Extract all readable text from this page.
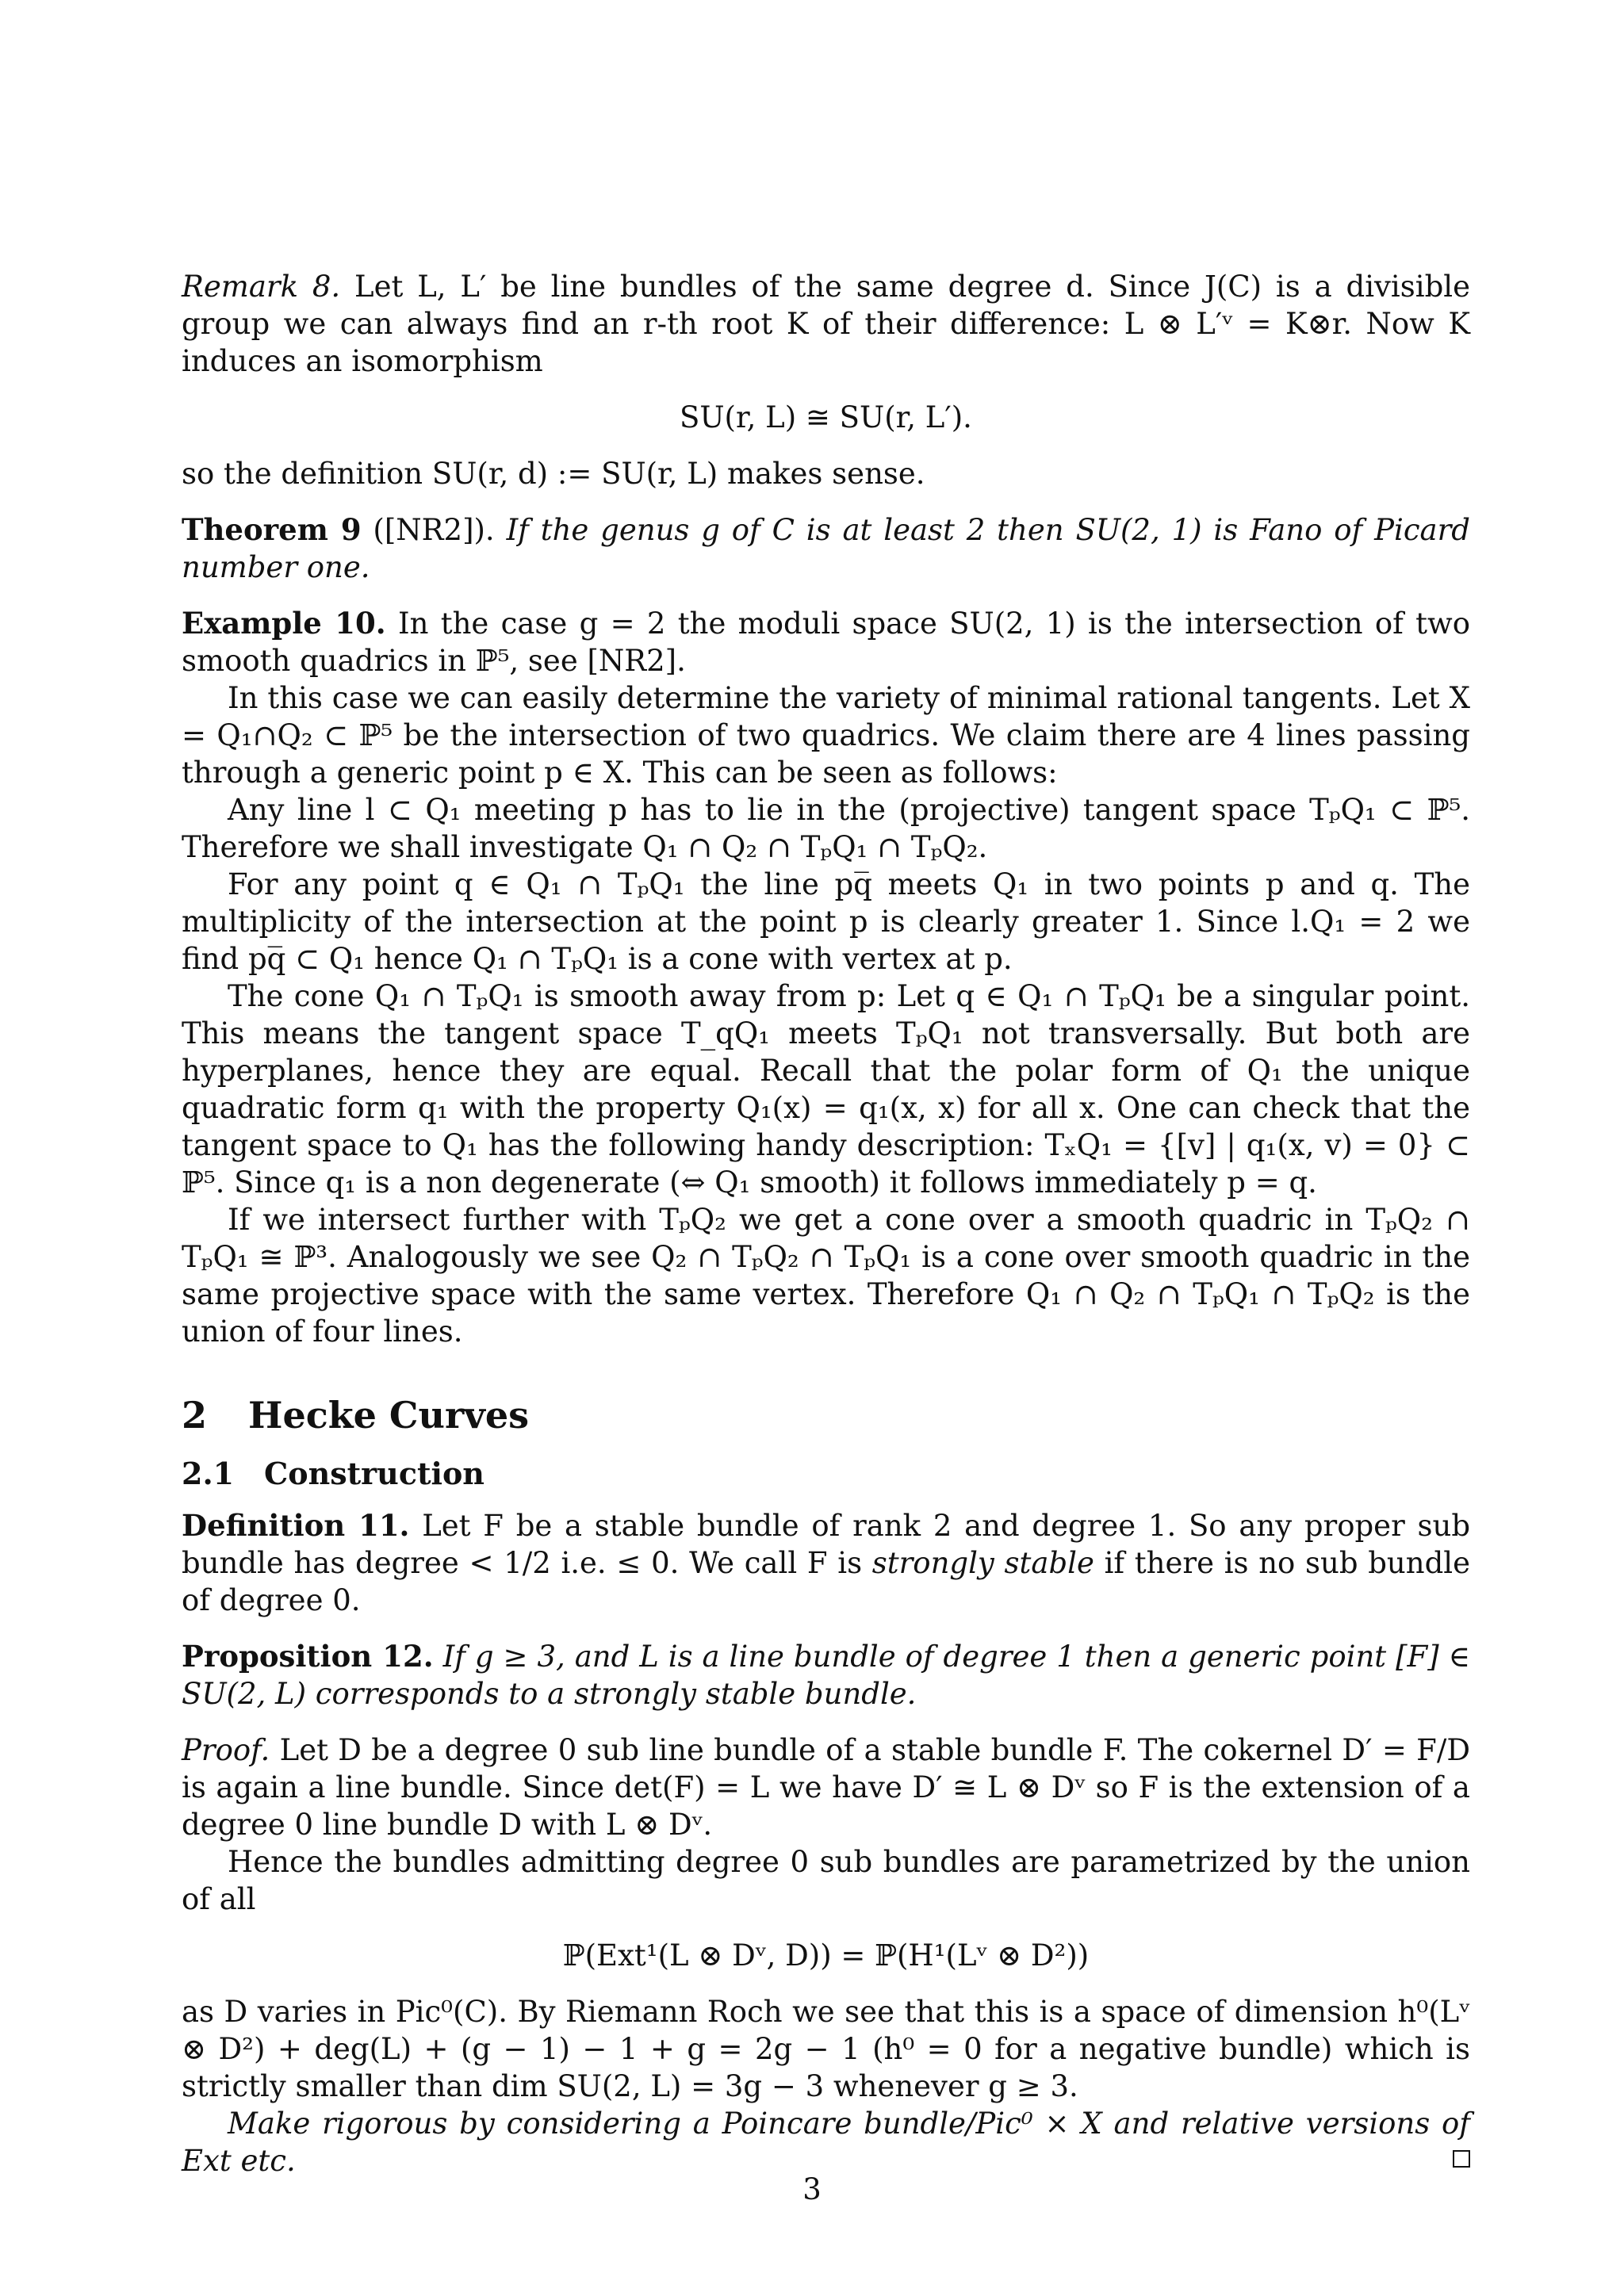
Remark 8. Let L, L′ be line bundles of the same degree d. Since J(C) is a divisible group we can always find an r-th root K of their difference: L ⊗ L′ᵛ = K⊗r. Now K induces an isomorphism

SU(r, L) ≅ SU(r, L′).

so the definition SU(r, d) := SU(r, L) makes sense.

Theorem 9 ([NR2]). If the genus g of C is at least 2 then SU(2, 1) is Fano of Picard number one.

Example 10. In the case g = 2 the moduli space SU(2, 1) is the intersection of two smooth quadrics in ℙ⁵, see [NR2].

In this case we can easily determine the variety of minimal rational tangents. Let X = Q₁∩Q₂ ⊂ ℙ⁵ be the intersection of two quadrics. We claim there are 4 lines passing through a generic point p ∈ X. This can be seen as follows:

Any line l ⊂ Q₁ meeting p has to lie in the (projective) tangent space TₚQ₁ ⊂ ℙ⁵. Therefore we shall investigate Q₁ ∩ Q₂ ∩ TₚQ₁ ∩ TₚQ₂.

For any point q ∈ Q₁ ∩ TₚQ₁ the line pq̅ meets Q₁ in two points p and q. The multiplicity of the intersection at the point p is clearly greater 1. Since l.Q₁ = 2 we find pq̅ ⊂ Q₁ hence Q₁ ∩ TₚQ₁ is a cone with vertex at p.

The cone Q₁ ∩ TₚQ₁ is smooth away from p: Let q ∈ Q₁ ∩ TₚQ₁ be a singular point. This means the tangent space T_qQ₁ meets TₚQ₁ not transversally. But both are hyperplanes, hence they are equal. Recall that the polar form of Q₁ the unique quadratic form q₁ with the property Q₁(x) = q₁(x, x) for all x. One can check that the tangent space to Q₁ has the following handy description: TₓQ₁ = {[v] | q₁(x, v) = 0} ⊂ ℙ⁵. Since q₁ is a non degenerate (⇔ Q₁ smooth) it follows immediately p = q.

If we intersect further with TₚQ₂ we get a cone over a smooth quadric in TₚQ₂ ∩ TₚQ₁ ≅ ℙ³. Analogously we see Q₂ ∩ TₚQ₂ ∩ TₚQ₁ is a cone over smooth quadric in the same projective space with the same vertex. Therefore Q₁ ∩ Q₂ ∩ TₚQ₁ ∩ TₚQ₂ is the union of four lines.

2 Hecke Curves
2.1 Construction

Definition 11. Let F be a stable bundle of rank 2 and degree 1. So any proper sub bundle has degree < 1/2 i.e. ≤ 0. We call F is strongly stable if there is no sub bundle of degree 0.

Proposition 12. If g ≥ 3, and L is a line bundle of degree 1 then a generic point [F] ∈ SU(2, L) corresponds to a strongly stable bundle.

Proof. Let D be a degree 0 sub line bundle of a stable bundle F. The cokernel D′ = F/D is again a line bundle. Since det(F) = L we have D′ ≅ L ⊗ Dᵛ so F is the extension of a degree 0 line bundle D with L ⊗ Dᵛ.

Hence the bundles admitting degree 0 sub bundles are parametrized by the union of all

ℙ(Ext¹(L ⊗ Dᵛ, D)) = ℙ(H¹(Lᵛ ⊗ D²))

as D varies in Pic⁰(C). By Riemann Roch we see that this is a space of dimension h⁰(Lᵛ ⊗ D²) + deg(L) + (g − 1) − 1 + g = 2g − 1 (h⁰ = 0 for a negative bundle) which is strictly smaller than dim SU(2, L) = 3g − 3 whenever g ≥ 3.

Make rigorous by considering a Poincare bundle/Pic⁰ × X and relative versions of Ext etc.

3
